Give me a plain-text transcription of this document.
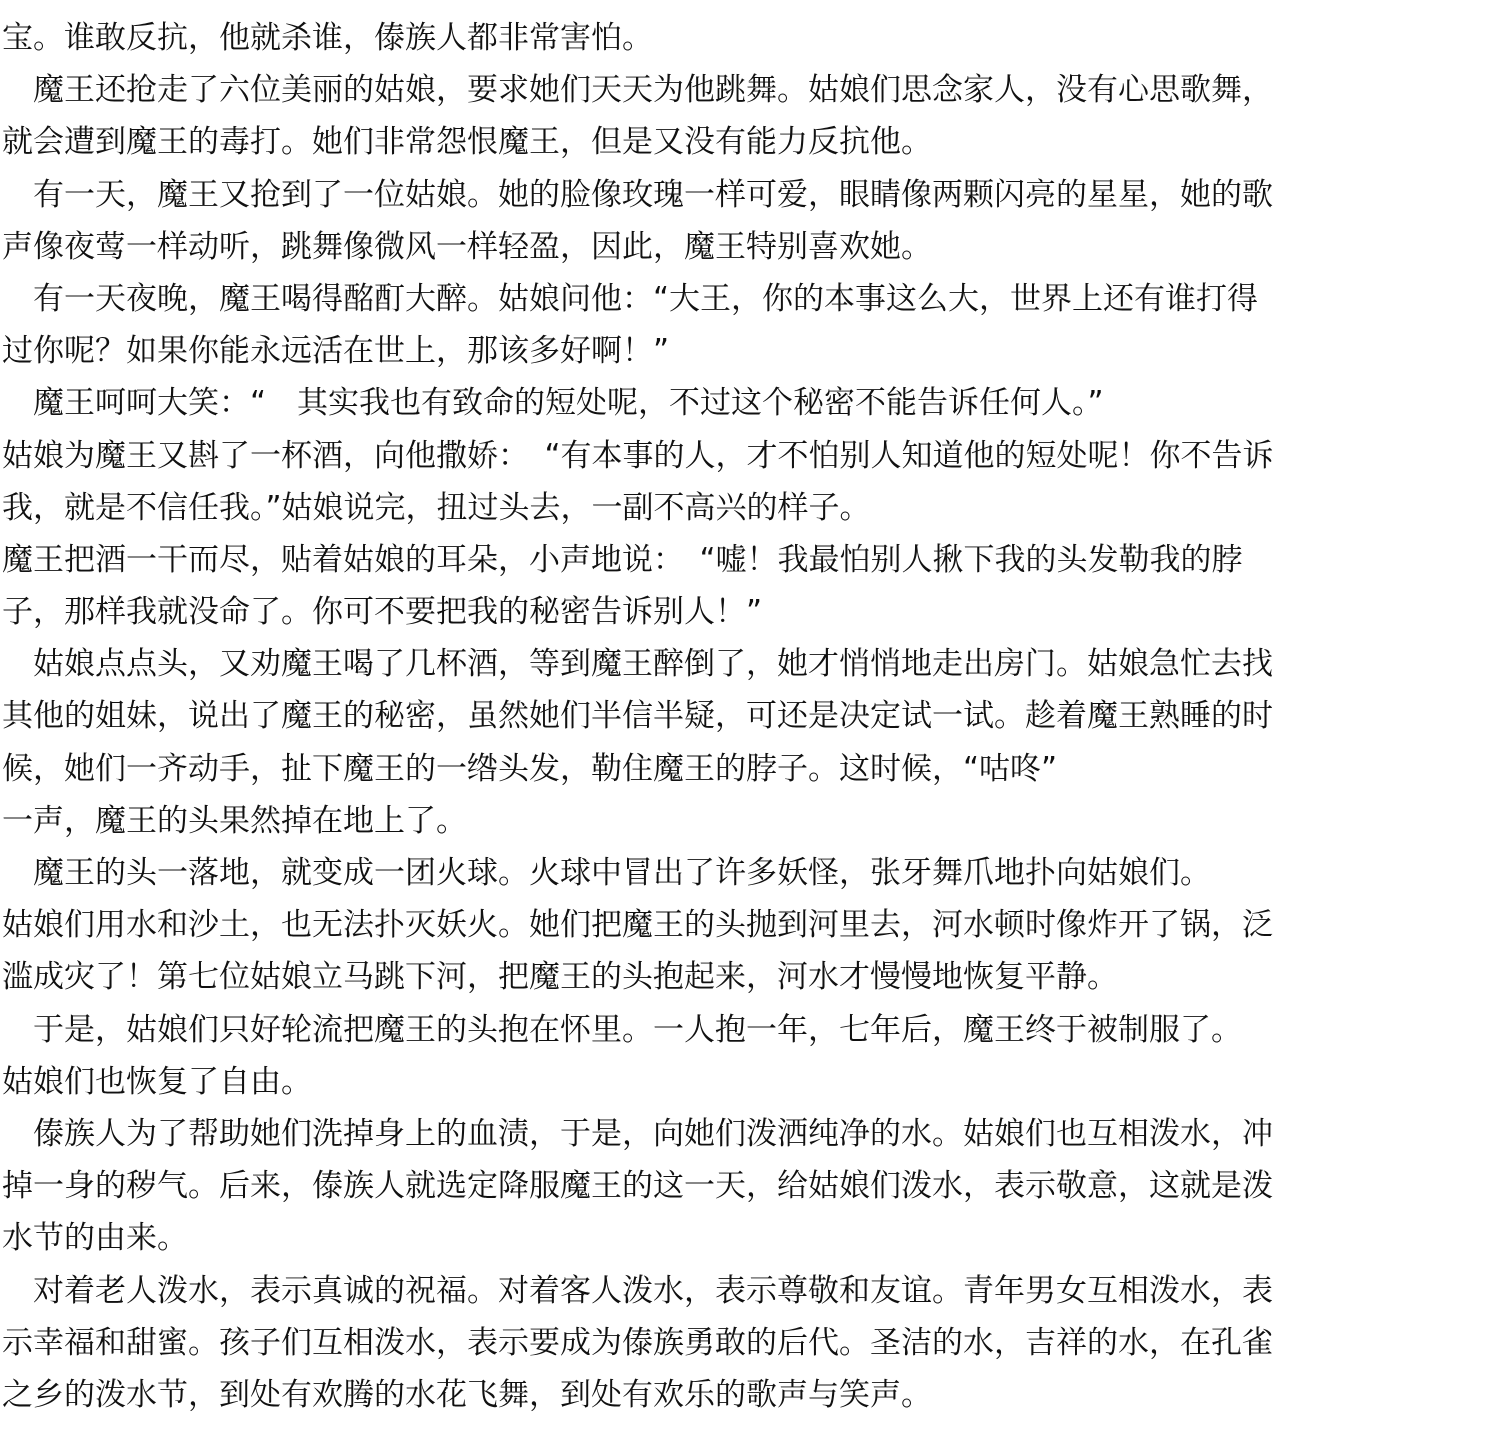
宝。谁敢反抗，他就杀谁，傣族人都非常害怕。

魔王还抢走了六位美丽的姑娘，要求她们天天为他跳舞。姑娘们思念家人，没有心思歌舞，

就会遭到魔王的毒打。她们非常怨恨魔王，但是又没有能力反抗他。

有一天，魔王又抢到了一位姑娘。她的脸像玫瑰一样可爱，眼睛像两颗闪亮的星星，她的歌

声像夜莺一样动听，跳舞像微风一样轻盈，因此，魔王特别喜欢她。

有一天夜晚，魔王喝得酩酊大醉。姑娘问他：“大王，你的本事这么大，世界上还有谁打得

过你呢？如果你能永远活在世上，那该多好啊！”

魔王呵呵大笑：“　其实我也有致命的短处呢，不过这个秘密不能告诉任何人。”

姑娘为魔王又斟了一杯酒，向他撒娇：　“有本事的人，才不怕别人知道他的短处呢！你不告诉

我，就是不信任我。”姑娘说完，扭过头去，一副不高兴的样子。

魔王把酒一干而尽，贴着姑娘的耳朵，小声地说：　“嘘！我最怕别人揪下我的头发勒我的脖

子，那样我就没命了。你可不要把我的秘密告诉别人！”

姑娘点点头，又劝魔王喝了几杯酒，等到魔王醉倒了，她才悄悄地走出房门。姑娘急忙去找

其他的姐妹，说出了魔王的秘密，虽然她们半信半疑，可还是决定试一试。趁着魔王熟睡的时

候，她们一齐动手，扯下魔王的一绺头发，勒住魔王的脖子。这时候，“咕咚”

一声，魔王的头果然掉在地上了。

魔王的头一落地，就变成一团火球。火球中冒出了许多妖怪，张牙舞爪地扑向姑娘们。

姑娘们用水和沙土，也无法扑灭妖火。她们把魔王的头抛到河里去，河水顿时像炸开了锅，泛

滥成灾了！第七位姑娘立马跳下河，把魔王的头抱起来，河水才慢慢地恢复平静。

于是，姑娘们只好轮流把魔王的头抱在怀里。一人抱一年，七年后，魔王终于被制服了。

姑娘们也恢复了自由。

傣族人为了帮助她们洗掉身上的血渍，于是，向她们泼洒纯净的水。姑娘们也互相泼水，冲

掉一身的秽气。后来，傣族人就选定降服魔王的这一天，给姑娘们泼水，表示敬意，这就是泼

水节的由来。

对着老人泼水，表示真诚的祝福。对着客人泼水，表示尊敬和友谊。青年男女互相泼水，表

示幸福和甜蜜。孩子们互相泼水，表示要成为傣族勇敢的后代。圣洁的水，吉祥的水，在孔雀

之乡的泼水节，到处有欢腾的水花飞舞，到处有欢乐的歌声与笑声。
